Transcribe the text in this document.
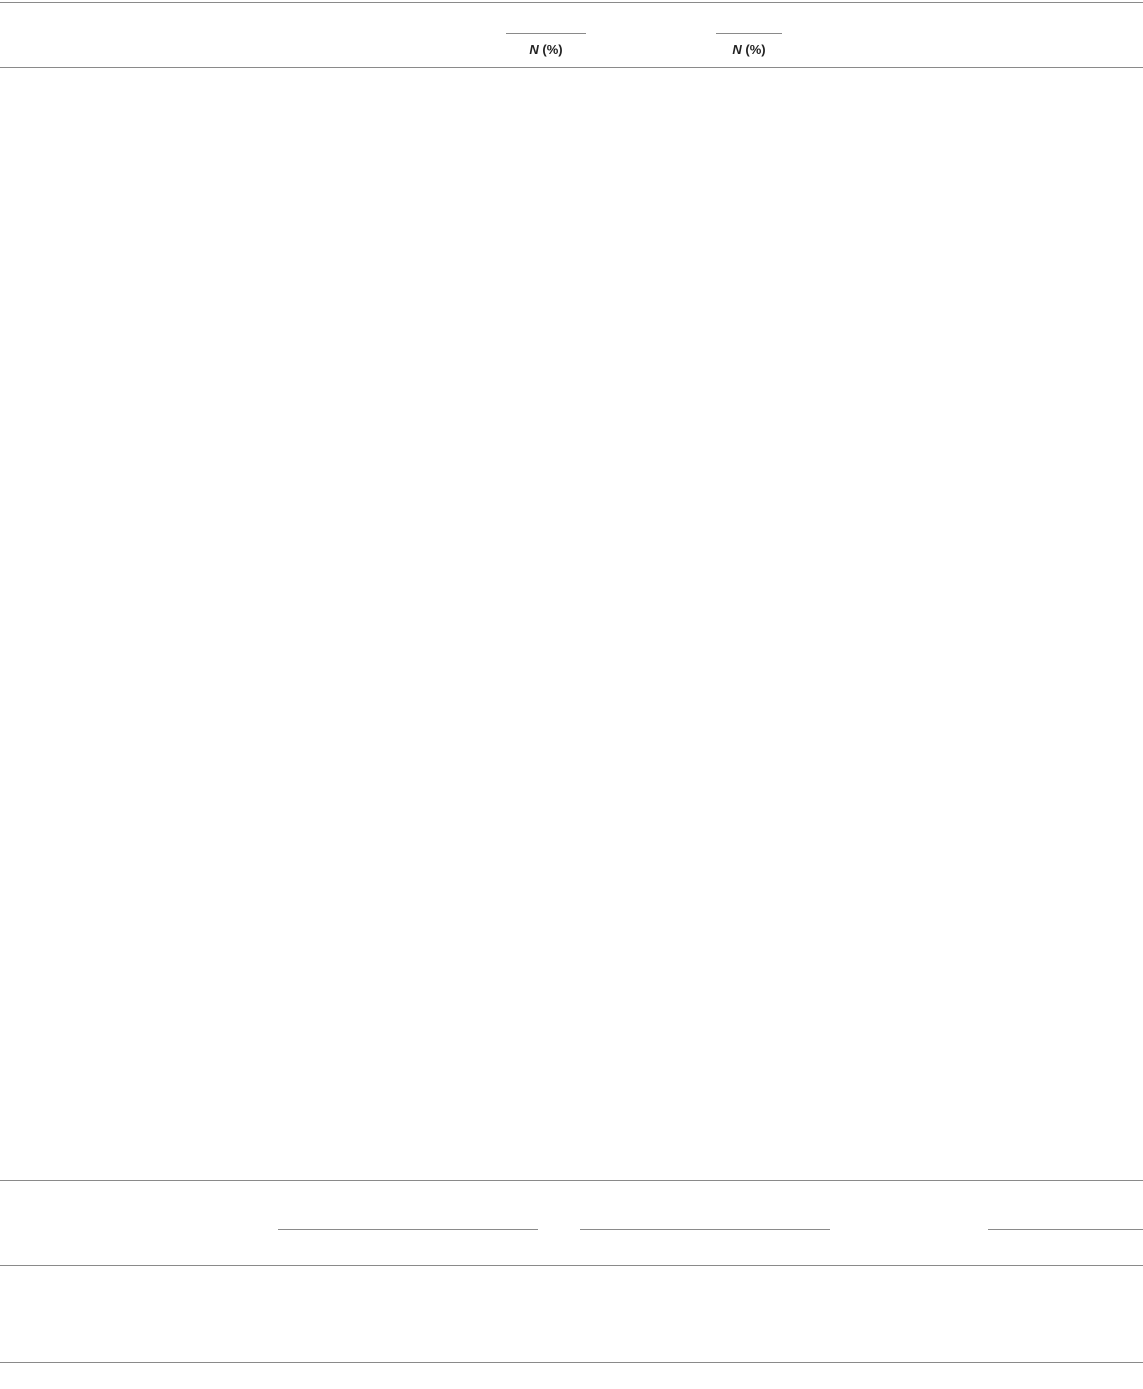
N (%)	N (%)
